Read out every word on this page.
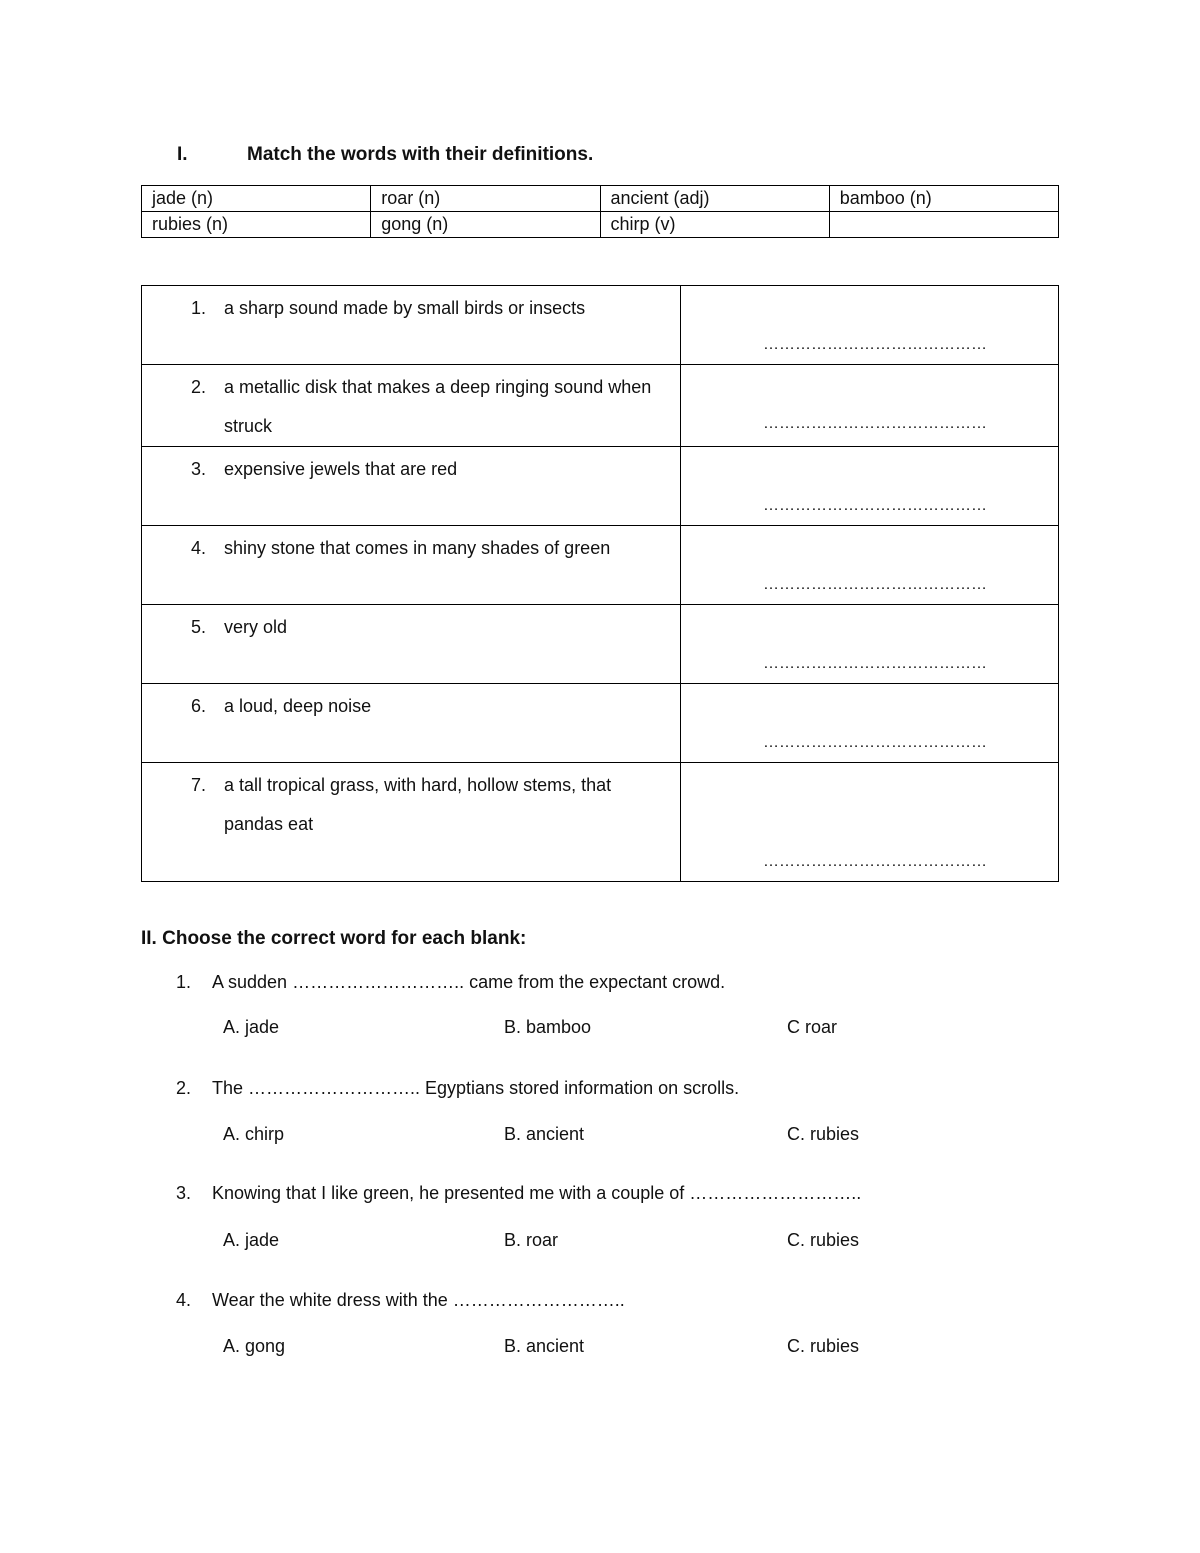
I.	Match the words with their definitions.
jade (n)	roar (n)	ancient (adj)	bamboo (n)
rubies (n)	gong (n)	chirp (v)	
1. a sharp sound made by small birds or insects	……………………………………

2. a metallic disk that makes a deep ringing sound when struck	……………………………………

3. expensive jewels that are red	……………………………………

4. shiny stone that comes in many shades of green	……………………………………

5. very old	……………………………………

6. a loud, deep noise	……………………………………

7. a tall tropical grass, with hard, hollow stems, that pandas eat	……………………………………
II. Choose the correct word for each blank:
1. A sudden ……………………….. came from the expectant crowd.
A. jade	B. bamboo	C roar
2. The ……………………….. Egyptians stored information on scrolls.
A. chirp	B. ancient	C. rubies
3. Knowing that I like green, he presented me with a couple of ………………………..
A. jade	B. roar	C. rubies
4. Wear the white dress with the ………………………..
A. gong	B. ancient	C. rubies
